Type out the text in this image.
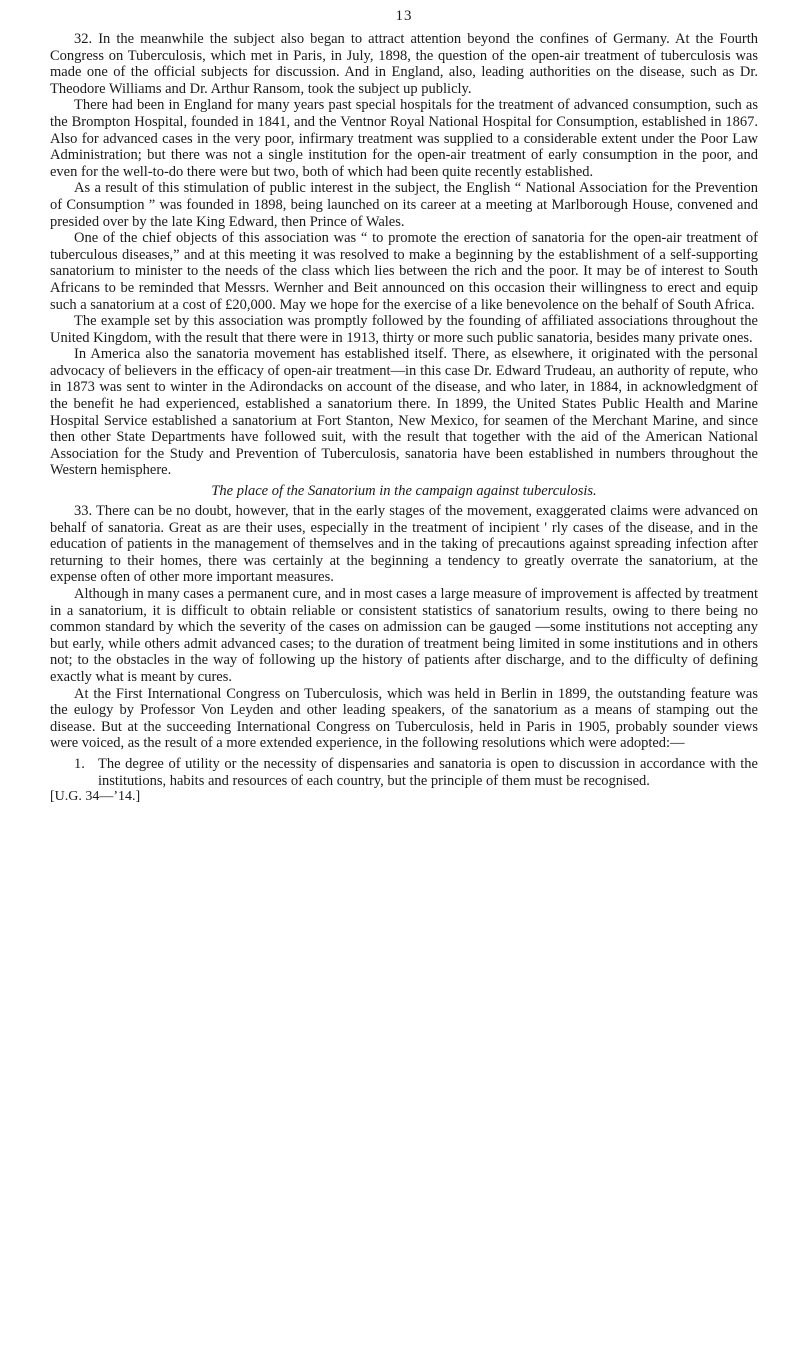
13

32. In the meanwhile the subject also began to attract attention beyond the confines of Germany. At the Fourth Congress on Tuberculosis, which met in Paris, in July, 1898, the question of the open-air treatment of tuberculosis was made one of the official subjects for discussion. And in England, also, leading authorities on the disease, such as Dr. Theodore Williams and Dr. Arthur Ransom, took the subject up publicly.

There had been in England for many years past special hospitals for the treatment of advanced consumption, such as the Brompton Hospital, founded in 1841, and the Ventnor Royal National Hospital for Consumption, established in 1867. Also for advanced cases in the very poor, infirmary treatment was supplied to a considerable extent under the Poor Law Administration; but there was not a single institution for the open-air treatment of early consumption in the poor, and even for the well-to-do there were but two, both of which had been quite recently established.

As a result of this stimulation of public interest in the subject, the English “ National Association for the Prevention of Consumption ” was founded in 1898, being launched on its career at a meeting at Marlborough House, convened and presided over by the late King Edward, then Prince of Wales.

One of the chief objects of this association was “ to promote the erection of sanatoria for the open-air treatment of tuberculous diseases,” and at this meeting it was resolved to make a beginning by the establishment of a self-supporting sanatorium to minister to the needs of the class which lies between the rich and the poor. It may be of interest to South Africans to be reminded that Messrs. Wernher and Beit announced on this occasion their willingness to erect and equip such a sanatorium at a cost of £20,000. May we hope for the exercise of a like benevolence on the behalf of South Africa.

The example set by this association was promptly followed by the founding of affiliated associations throughout the United Kingdom, with the result that there were in 1913, thirty or more such public sanatoria, besides many private ones.

In America also the sanatoria movement has established itself. There, as elsewhere, it originated with the personal advocacy of believers in the efficacy of open-air treatment—in this case Dr. Edward Trudeau, an authority of repute, who in 1873 was sent to winter in the Adirondacks on account of the disease, and who later, in 1884, in acknowledgment of the benefit he had experienced, established a sanatorium there. In 1899, the United States Public Health and Marine Hospital Service established a sanatorium at Fort Stanton, New Mexico, for seamen of the Merchant Marine, and since then other State Departments have followed suit, with the result that together with the aid of the American National Association for the Study and Prevention of Tuberculosis, sanatoria have been established in numbers throughout the Western hemisphere.

The place of the Sanatorium in the campaign against tuberculosis.

33. There can be no doubt, however, that in the early stages of the movement, exaggerated claims were advanced on behalf of sanatoria. Great as are their uses, especially in the treatment of incipient ' rly cases of the disease, and in the education of patients in the management of themselves and in the taking of precautions against spreading infection after returning to their homes, there was certainly at the beginning a tendency to greatly overrate the sanatorium, at the expense often of other more important measures.

Although in many cases a permanent cure, and in most cases a large measure of improvement is affected by treatment in a sanatorium, it is difficult to obtain reliable or consistent statistics of sanatorium results, owing to there being no common standard by which the severity of the cases on admission can be gauged —some institutions not accepting any but early, while others admit advanced cases; to the duration of treatment being limited in some institutions and in others not; to the obstacles in the way of following up the history of patients after discharge, and to the difficulty of defining exactly what is meant by cures.

At the First International Congress on Tuberculosis, which was held in Berlin in 1899, the outstanding feature was the eulogy by Professor Von Leyden and other leading speakers, of the sanatorium as a means of stamping out the disease. But at the succeeding International Congress on Tuberculosis, held in Paris in 1905, probably sounder views were voiced, as the result of a more extended experience, in the following resolutions which were adopted:—

1. The degree of utility or the necessity of dispensaries and sanatoria is open to discussion in accordance with the institutions, habits and resources of each country, but the principle of them must be recognised.
[U.G. 34—’14.]
